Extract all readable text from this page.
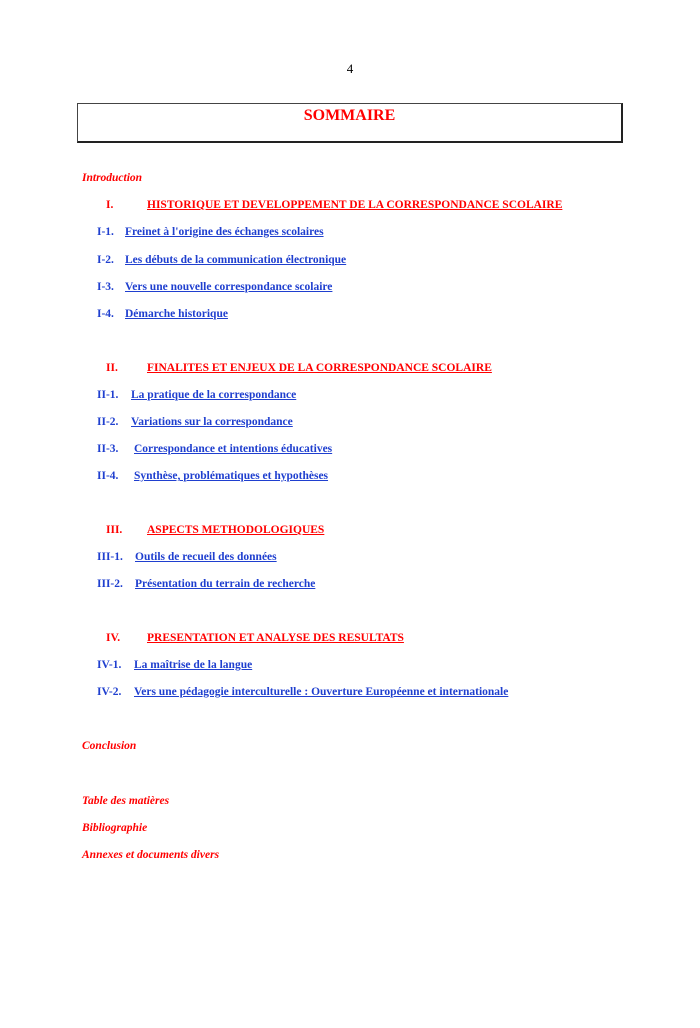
4
SOMMAIRE
Introduction
I.	HISTORIQUE ET DEVELOPPEMENT DE LA CORRESPONDANCE SCOLAIRE
I-1. Freinet à l'origine des échanges scolaires
I-2. Les débuts de la communication électronique
I-3. Vers une nouvelle correspondance scolaire
I-4. Démarche historique
II.	FINALITES ET ENJEUX DE LA CORRESPONDANCE SCOLAIRE
II-1. La pratique de la correspondance
II-2. Variations sur la correspondance
II-3. Correspondance et intentions éducatives
II-4. Synthèse, problématiques et hypothèses
III. ASPECTS METHODOLOGIQUES
III-1. Outils de recueil des données
III-2. Présentation du terrain de recherche
IV. PRESENTATION ET ANALYSE DES RESULTATS
IV-1. La maîtrise de la langue
IV-2. Vers une pédagogie interculturelle : Ouverture Européenne et internationale
Conclusion
Table des matières
Bibliographie
Annexes et documents divers
